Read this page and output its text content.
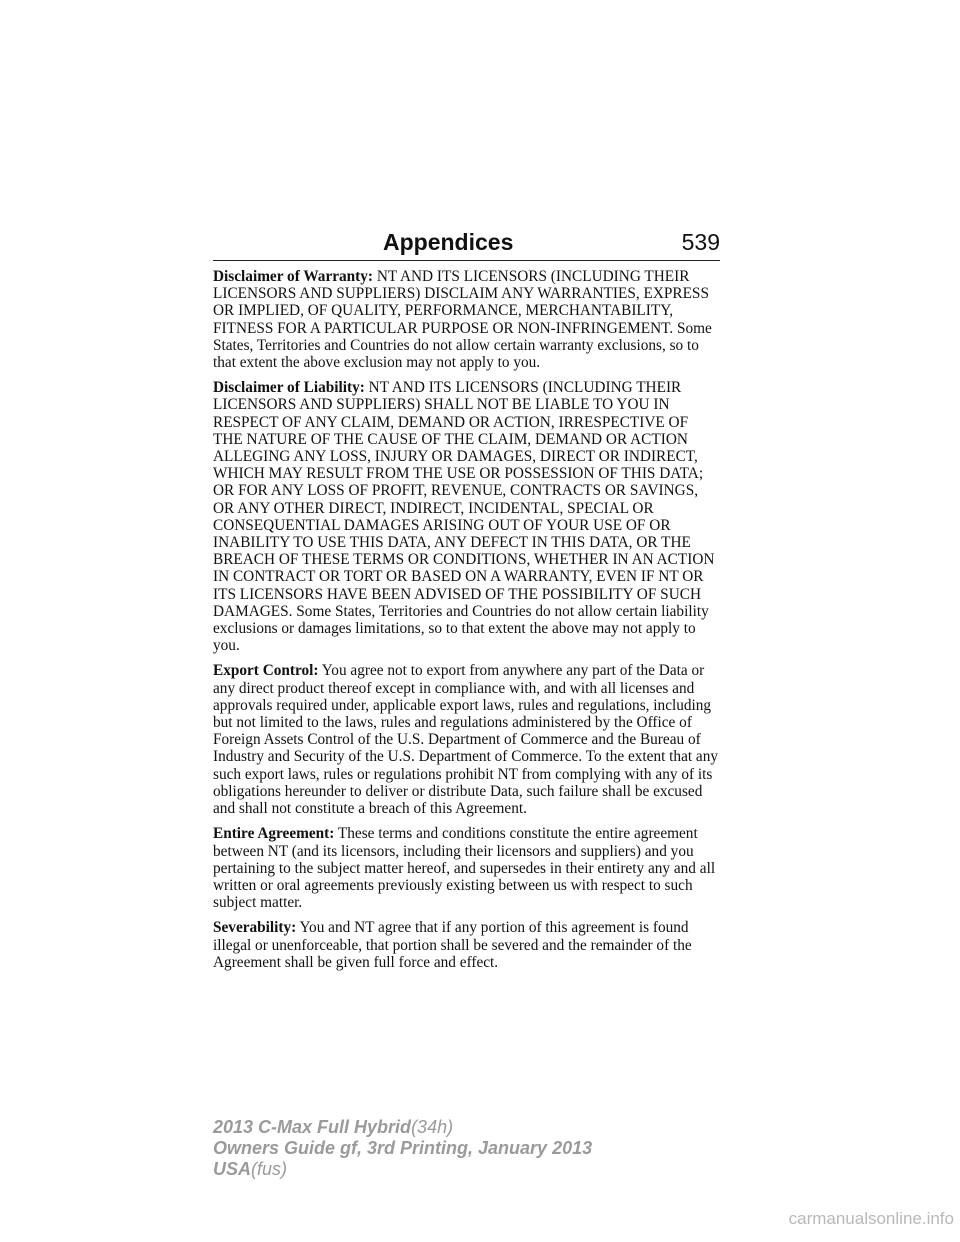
Appendices	539

Disclaimer of Warranty: NT AND ITS LICENSORS (INCLUDING THEIR LICENSORS AND SUPPLIERS) DISCLAIM ANY WARRANTIES, EXPRESS OR IMPLIED, OF QUALITY, PERFORMANCE, MERCHANTABILITY, FITNESS FOR A PARTICULAR PURPOSE OR NON-INFRINGEMENT. Some States, Territories and Countries do not allow certain warranty exclusions, so to that extent the above exclusion may not apply to you.

Disclaimer of Liability: NT AND ITS LICENSORS (INCLUDING THEIR LICENSORS AND SUPPLIERS) SHALL NOT BE LIABLE TO YOU IN RESPECT OF ANY CLAIM, DEMAND OR ACTION, IRRESPECTIVE OF THE NATURE OF THE CAUSE OF THE CLAIM, DEMAND OR ACTION ALLEGING ANY LOSS, INJURY OR DAMAGES, DIRECT OR INDIRECT, WHICH MAY RESULT FROM THE USE OR POSSESSION OF THIS DATA; OR FOR ANY LOSS OF PROFIT, REVENUE, CONTRACTS OR SAVINGS, OR ANY OTHER DIRECT, INDIRECT, INCIDENTAL, SPECIAL OR CONSEQUENTIAL DAMAGES ARISING OUT OF YOUR USE OF OR INABILITY TO USE THIS DATA, ANY DEFECT IN THIS DATA, OR THE BREACH OF THESE TERMS OR CONDITIONS, WHETHER IN AN ACTION IN CONTRACT OR TORT OR BASED ON A WARRANTY, EVEN IF NT OR ITS LICENSORS HAVE BEEN ADVISED OF THE POSSIBILITY OF SUCH DAMAGES. Some States, Territories and Countries do not allow certain liability exclusions or damages limitations, so to that extent the above may not apply to you.

Export Control: You agree not to export from anywhere any part of the Data or any direct product thereof except in compliance with, and with all licenses and approvals required under, applicable export laws, rules and regulations, including but not limited to the laws, rules and regulations administered by the Office of Foreign Assets Control of the U.S. Department of Commerce and the Bureau of Industry and Security of the U.S. Department of Commerce. To the extent that any such export laws, rules or regulations prohibit NT from complying with any of its obligations hereunder to deliver or distribute Data, such failure shall be excused and shall not constitute a breach of this Agreement.

Entire Agreement: These terms and conditions constitute the entire agreement between NT (and its licensors, including their licensors and suppliers) and you pertaining to the subject matter hereof, and supersedes in their entirety any and all written or oral agreements previously existing between us with respect to such subject matter.

Severability: You and NT agree that if any portion of this agreement is found illegal or unenforceable, that portion shall be severed and the remainder of the Agreement shall be given full force and effect.

2013 C-Max Full Hybrid(34h)
Owners Guide gf, 3rd Printing, January 2013
USA(fus)
carmanualsonline.info
